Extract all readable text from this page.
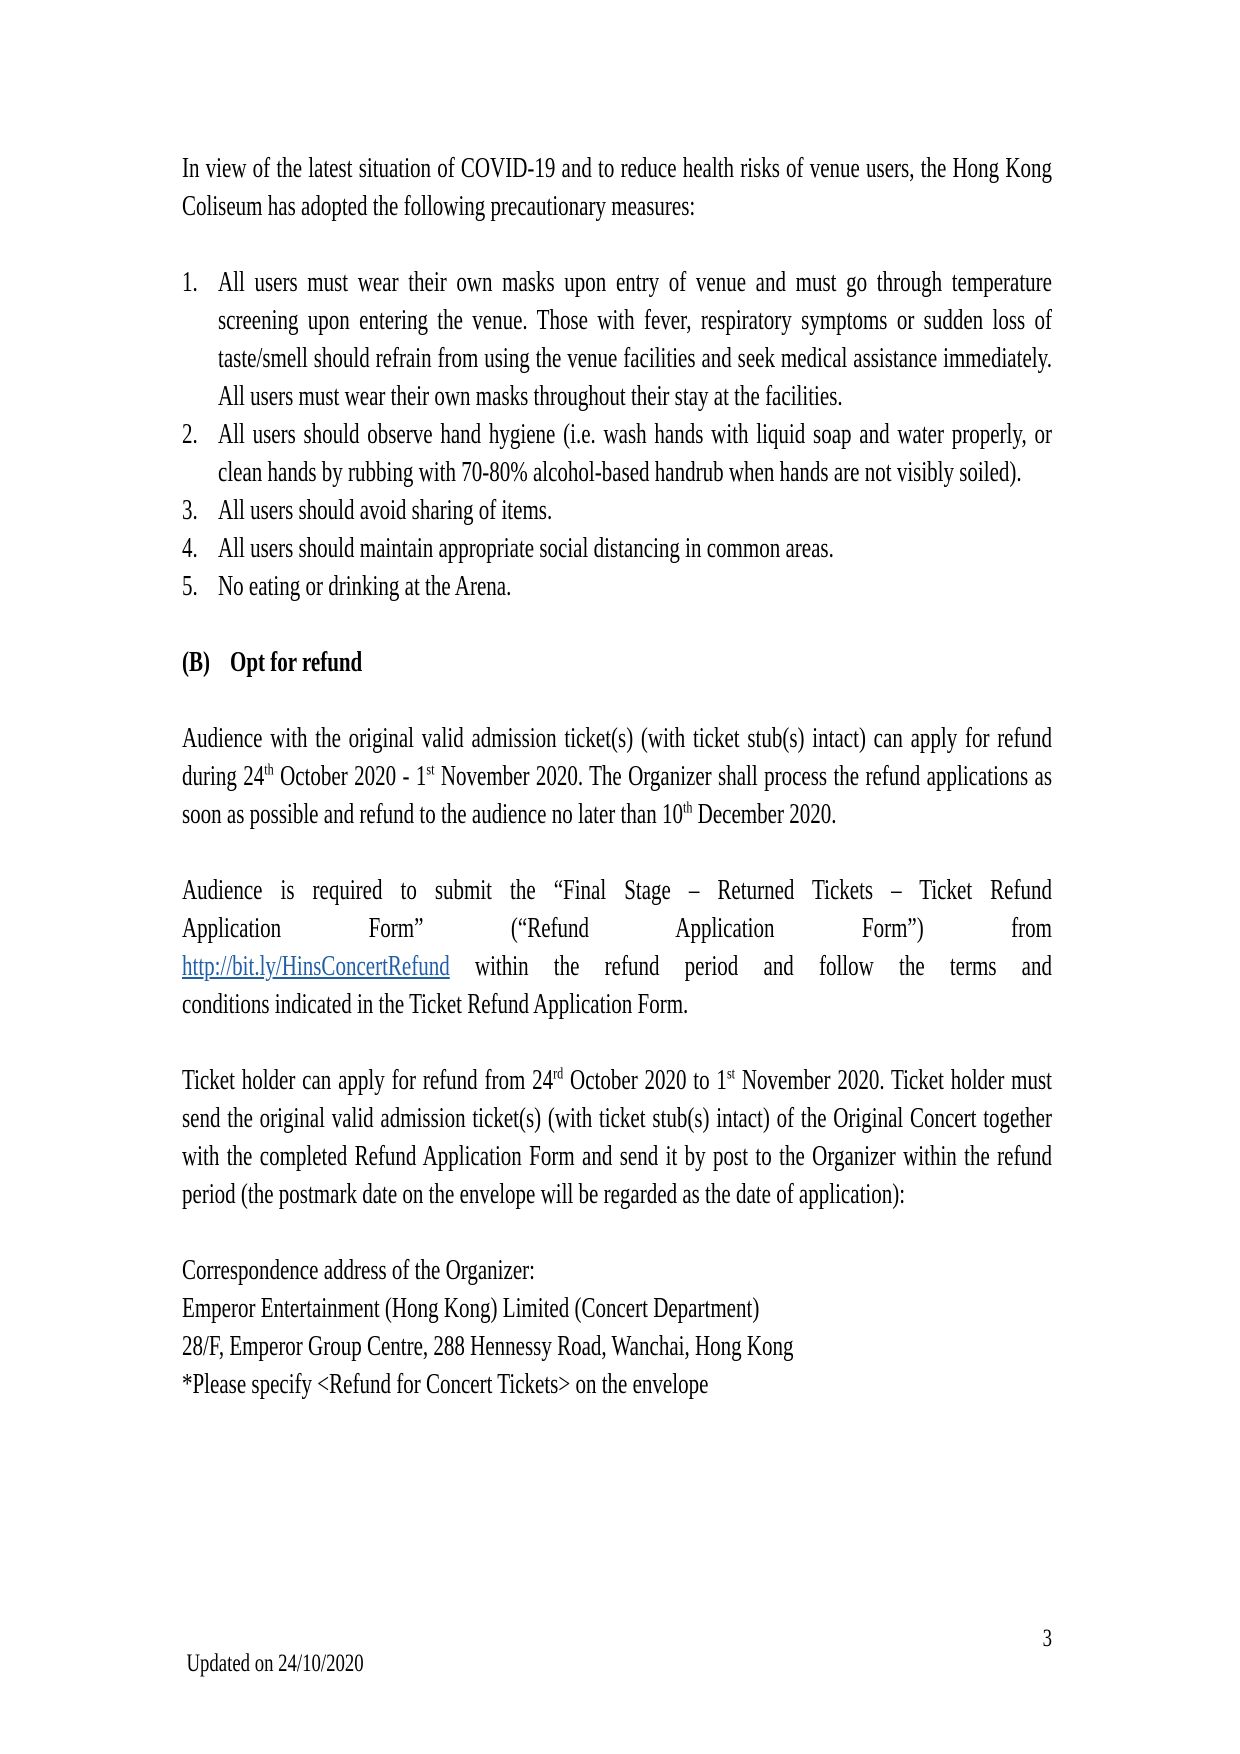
In view of the latest situation of COVID-19 and to reduce health risks of venue users, the Hong Kong Coliseum has adopted the following precautionary measures:

1. All users must wear their own masks upon entry of venue and must go through temperature screening upon entering the venue. Those with fever, respiratory symptoms or sudden loss of taste/smell should refrain from using the venue facilities and seek medical assistance immediately. All users must wear their own masks throughout their stay at the facilities.
2. All users should observe hand hygiene (i.e. wash hands with liquid soap and water properly, or clean hands by rubbing with 70-80% alcohol-based handrub when hands are not visibly soiled).
3. All users should avoid sharing of items.
4. All users should maintain appropriate social distancing in common areas.
5. No eating or drinking at the Arena.
(B) Opt for refund

Audience with the original valid admission ticket(s) (with ticket stub(s) intact) can apply for refund during 24th October 2020 - 1st November 2020. The Organizer shall process the refund applications as soon as possible and refund to the audience no later than 10th December 2020.

Audience is required to submit the “Final Stage – Returned Tickets – Ticket Refund
Application Form” (“Refund Application Form”) from
http://bit.ly/HinsConcertRefund within the refund period and follow the terms and
conditions indicated in the Ticket Refund Application Form.

Ticket holder can apply for refund from 24rd October 2020 to 1st November 2020. Ticket holder must send the original valid admission ticket(s) (with ticket stub(s) intact) of the Original Concert together with the completed Refund Application Form and send it by post to the Organizer within the refund period (the postmark date on the envelope will be regarded as the date of application):

Correspondence address of the Organizer:
Emperor Entertainment (Hong Kong) Limited (Concert Department)
28/F, Emperor Group Centre, 288 Hennessy Road, Wanchai, Hong Kong
*Please specify <Refund for Concert Tickets> on the envelope
3
Updated on 24/10/2020
